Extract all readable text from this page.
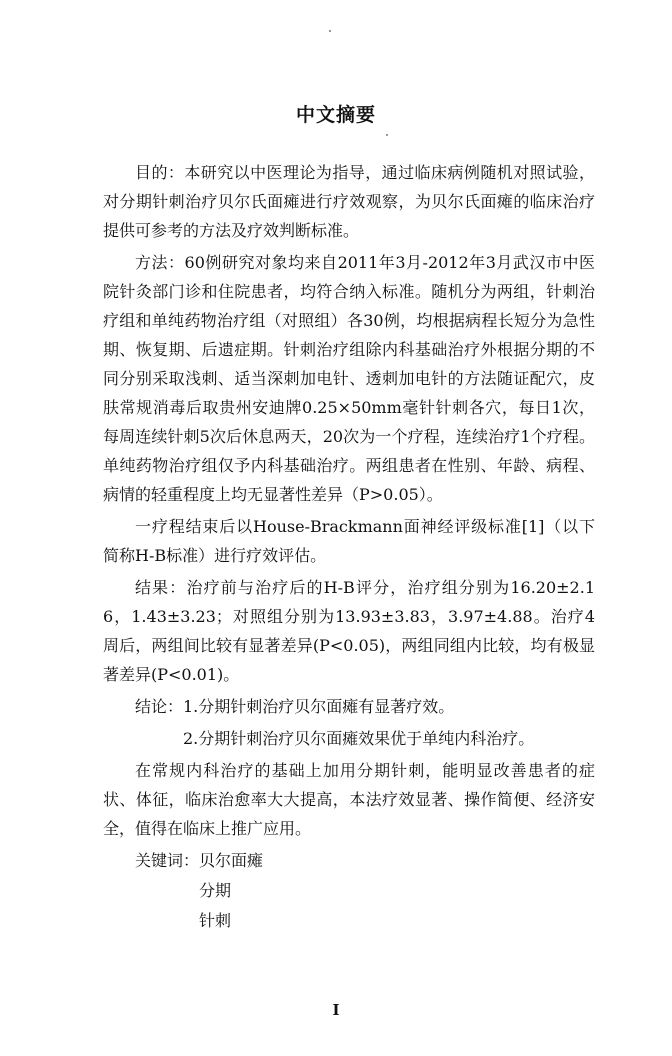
中文摘要

目的：本研究以中医理论为指导，通过临床病例随机对照试验，对分期针刺治疗贝尔氏面瘫进行疗效观察，为贝尔氏面瘫的临床治疗提供可参考的方法及疗效判断标准。

方法：60例研究对象均来自2011年3月-2012年3月武汉市中医院针灸部门诊和住院患者，均符合纳入标准。随机分为两组，针刺治疗组和单纯药物治疗组（对照组）各30例，均根据病程长短分为急性期、恢复期、后遗症期。针刺治疗组除内科基础治疗外根据分期的不同分别采取浅刺、适当深刺加电针、透刺加电针的方法随证配穴，皮肤常规消毒后取贵州安迪牌0.25×50mm毫针针刺各穴，每日1次，每周连续针刺5次后休息两天，20次为一个疗程，连续治疗1个疗程。单纯药物治疗组仅予内科基础治疗。两组患者在性别、年龄、病程、病情的轻重程度上均无显著性差异（P>0.05）。

一疗程结束后以House-Brackmann面神经评级标准[1]（以下简称H-B标准）进行疗效评估。

结果：治疗前与治疗后的H-B评分，治疗组分别为16.20±2.16，1.43±3.23；对照组分别为13.93±3.83，3.97±4.88。治疗4周后，两组间比较有显著差异(P<0.05)，两组同组内比较，均有极显著差异(P<0.01)。

结论：1.分期针刺治疗贝尔面瘫有显著疗效。

2.分期针刺治疗贝尔面瘫效果优于单纯内科治疗。

在常规内科治疗的基础上加用分期针刺，能明显改善患者的症状、体征，临床治愈率大大提高，本法疗效显著、操作简便、经济安全，值得在临床上推广应用。

关键词：贝尔面瘫

分期

针刺

I
